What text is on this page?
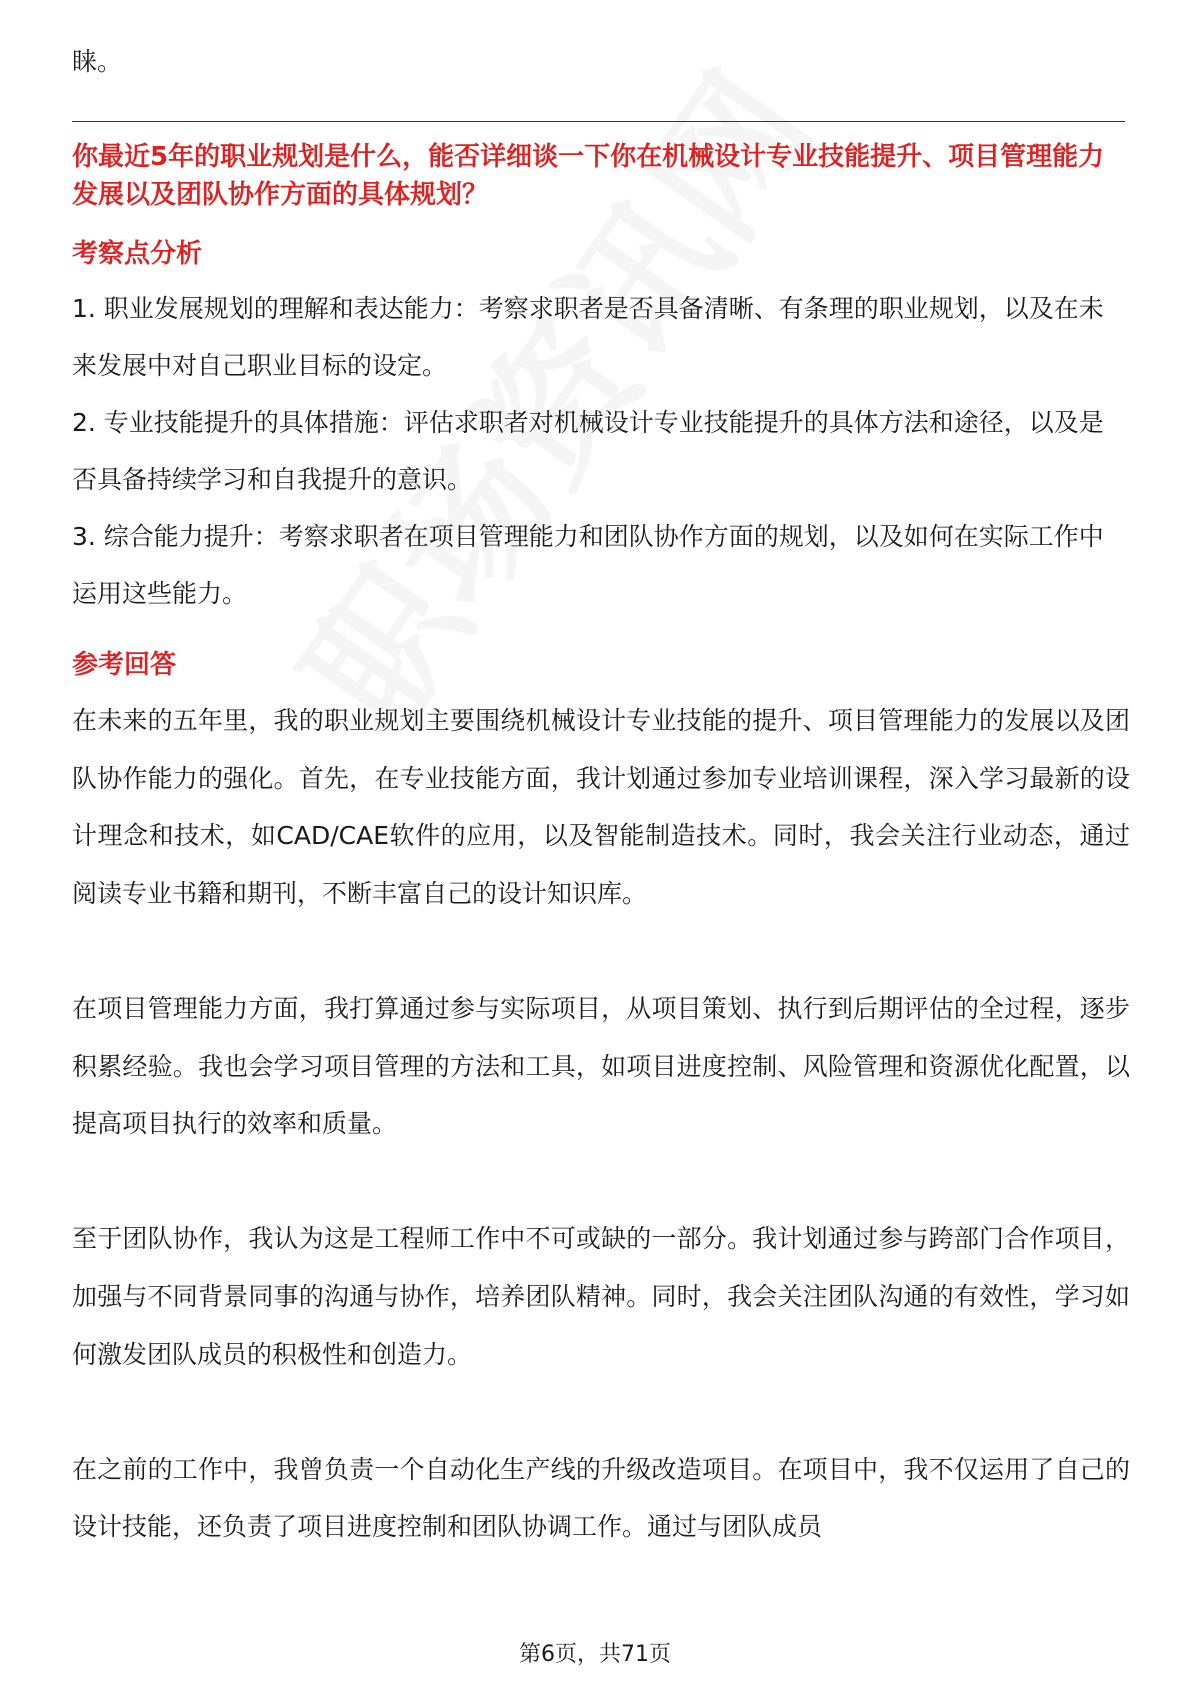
睐。
你最近5年的职业规划是什么，能否详细谈一下你在机械设计专业技能提升、项目管理能力发展以及团队协作方面的具体规划？
考察点分析
1. 职业发展规划的理解和表达能力：考察求职者是否具备清晰、有条理的职业规划，以及在未来发展中对自己职业目标的设定。
2. 专业技能提升的具体措施：评估求职者对机械设计专业技能提升的具体方法和途径，以及是否具备持续学习和自我提升的意识。
3. 综合能力提升：考察求职者在项目管理能力和团队协作方面的规划，以及如何在实际工作中运用这些能力。
参考回答

在未来的五年里，我的职业规划主要围绕机械设计专业技能的提升、项目管理能力的发展以及团队协作能力的强化。首先，在专业技能方面，我计划通过参加专业培训课程，深入学习最新的设计理念和技术，如CAD/CAE软件的应用，以及智能制造技术。同时，我会关注行业动态，通过阅读专业书籍和期刊，不断丰富自己的设计知识库。

在项目管理能力方面，我打算通过参与实际项目，从项目策划、执行到后期评估的全过程，逐步积累经验。我也会学习项目管理的方法和工具，如项目进度控制、风险管理和资源优化配置，以提高项目执行的效率和质量。

至于团队协作，我认为这是工程师工作中不可或缺的一部分。我计划通过参与跨部门合作项目，加强与不同背景同事的沟通与协作，培养团队精神。同时，我会关注团队沟通的有效性，学习如何激发团队成员的积极性和创造力。

在之前的工作中，我曾负责一个自动化生产线的升级改造项目。在项目中，我不仅运用了自己的设计技能，还负责了项目进度控制和团队协调工作。通过与团队成员

第6页，共71页
